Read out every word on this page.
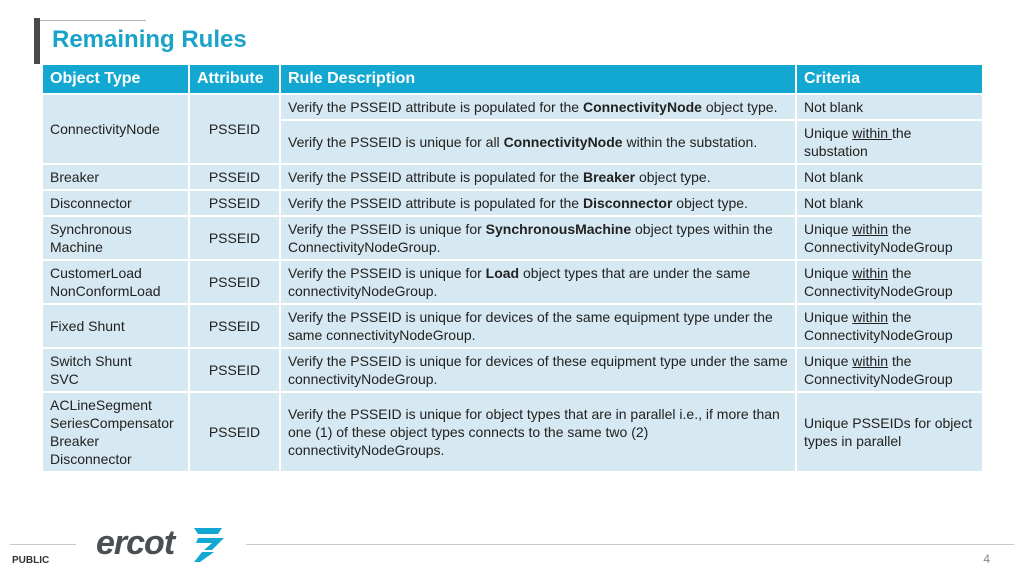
Remaining Rules
Object Type	Attribute	Rule Description	Criteria

ConnectivityNode	PSSEID	Verify the PSSEID attribute is populated for the ConnectivityNode object type.	Not blank
		Verify the PSSEID is unique for all ConnectivityNode within the substation.	Unique within the substation

Breaker	PSSEID	Verify the PSSEID attribute is populated for the Breaker object type.	Not blank

Disconnector	PSSEID	Verify the PSSEID attribute is populated for the Disconnector object type.	Not blank

Synchronous
Machine	PSSEID	Verify the PSSEID is unique for SynchronousMachine object types within the ConnectivityNodeGroup.	Unique within the ConnectivityNodeGroup

CustomerLoad
NonConformLoad	PSSEID	Verify the PSSEID is unique for Load object types that are under the same connectivityNodeGroup.	Unique within the ConnectivityNodeGroup

Fixed Shunt	PSSEID	Verify the PSSEID is unique for devices of the same equipment type under the same connectivityNodeGroup.	Unique within the ConnectivityNodeGroup

Switch Shunt
SVC	PSSEID	Verify the PSSEID is unique for devices of these equipment type under the same connectivityNodeGroup.	Unique within the ConnectivityNodeGroup

ACLineSegment
SeriesCompensator
Breaker
Disconnector	PSSEID	Verify the PSSEID is unique for object types that are in parallel i.e., if more than one (1) of these object types connects to the same two (2) connectivityNodeGroups.	Unique PSSEIDs for object types in parallel
ercot
PUBLIC	4
